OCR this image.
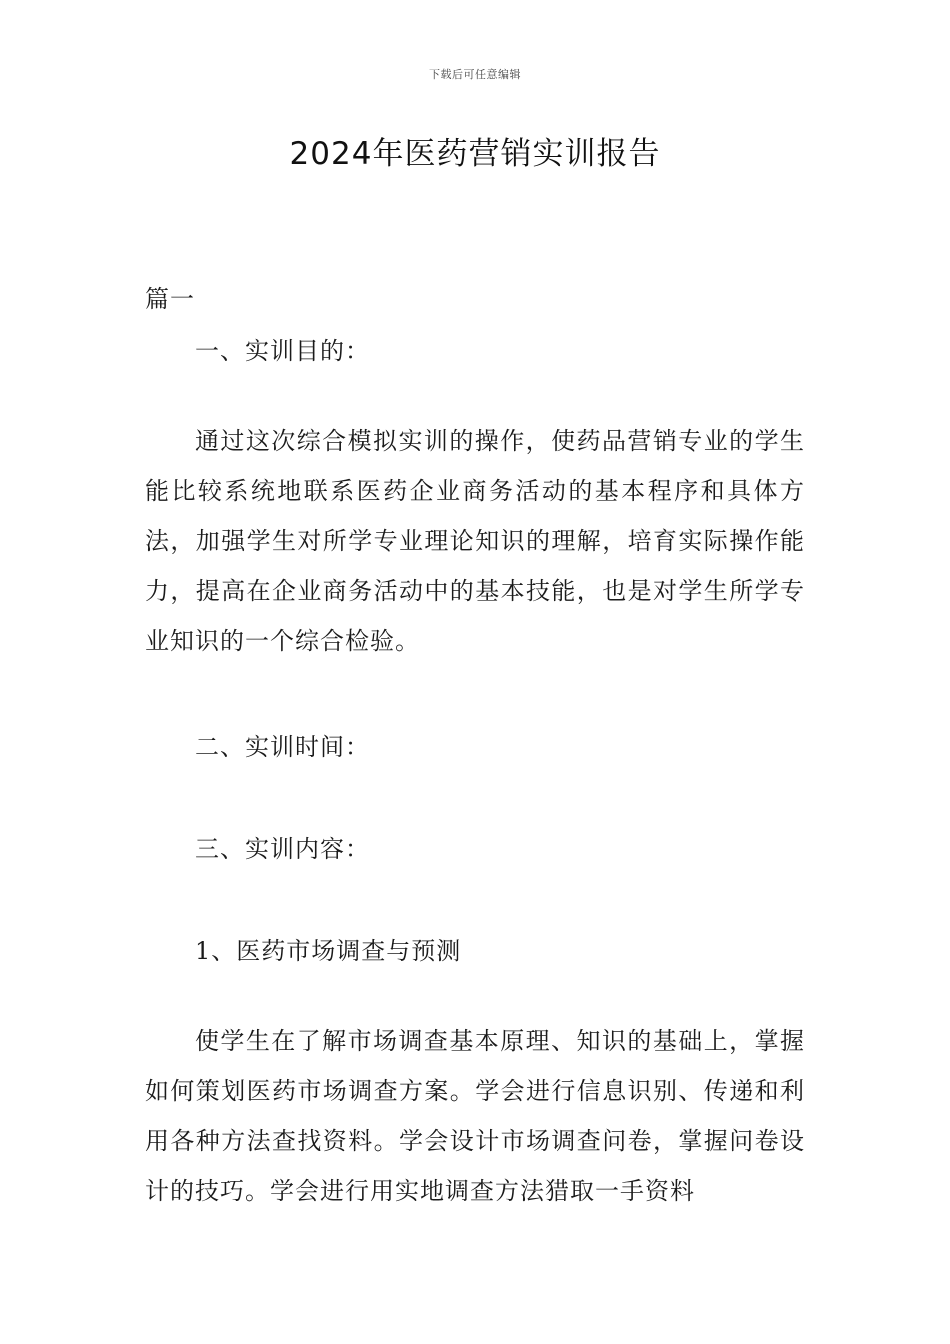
下载后可任意编辑
2024年医药营销实训报告

篇一

一、实训目的：

通过这次综合模拟实训的操作，使药品营销专业的学生能比较系统地联系医药企业商务活动的基本程序和具体方法，加强学生对所学专业理论知识的理解，培育实际操作能力，提高在企业商务活动中的基本技能，也是对学生所学专业知识的一个综合检验。

二、实训时间：

三、实训内容：

1、医药市场调查与预测

使学生在了解市场调查基本原理、知识的基础上，掌握如何策划医药市场调查方案。学会进行信息识别、传递和利用各种方法查找资料。学会设计市场调查问卷，掌握问卷设计的技巧。学会进行用实地调查方法猎取一手资料
